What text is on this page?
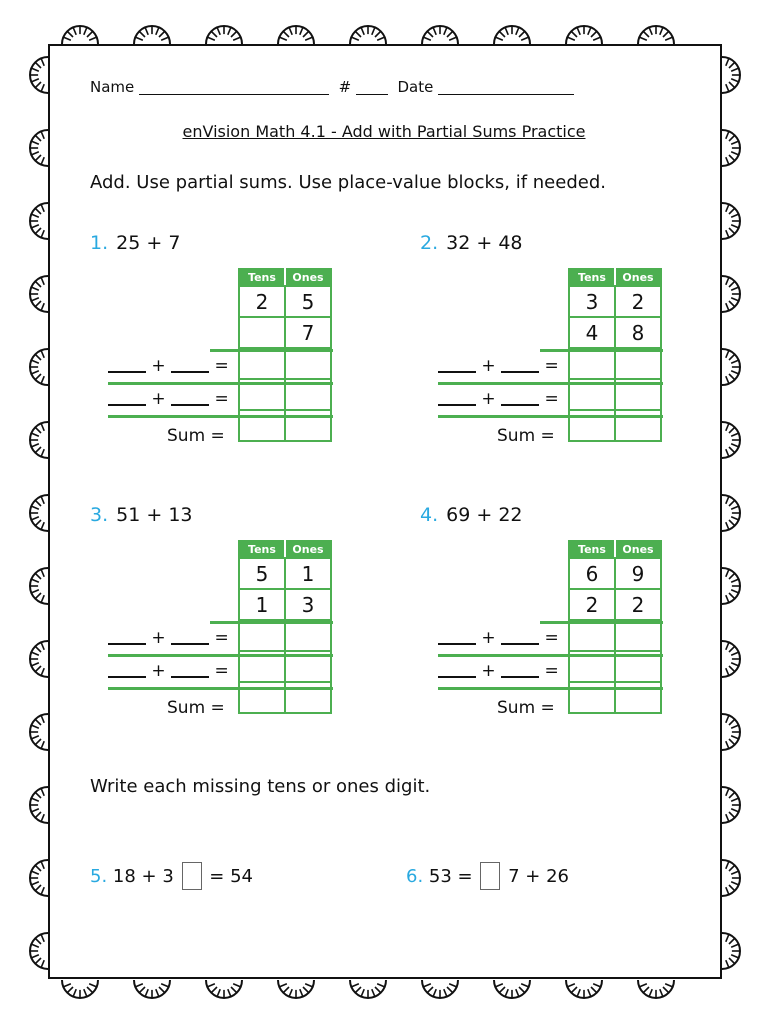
Name	#	Date
enVision Math 4.1 - Add with Partial Sums Practice
Add. Use partial sums. Use place-value blocks, if needed.
1. 25 + 7
Tens	Ones
2	5
	7

+	=
+	=
Sum =
2. 32 + 48
Tens	Ones
3	2
4	8

+	=
+	=
Sum =
3. 51 + 13
Tens	Ones
5	1
1	3

+	=
+	=
Sum =
4. 69 + 22
Tens	Ones
6	9
2	2

+	=
+	=
Sum =
Write each missing tens or ones digit.
5. 18 + 3 = 54	6. 53 = 7 + 26
